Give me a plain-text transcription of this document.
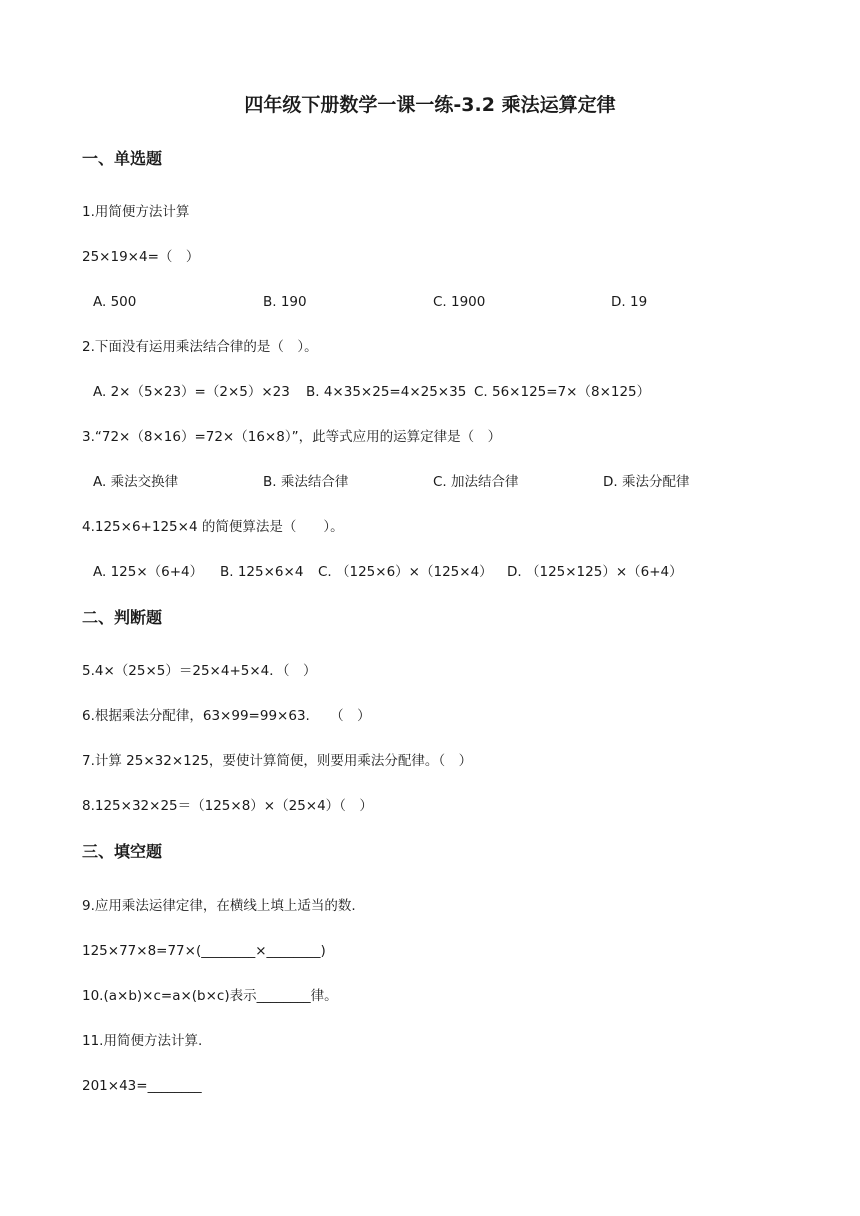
四年级下册数学一课一练-3.2 乘法运算定律
一、单选题
1.用简便方法计算
25×19×4=（　）
A. 500	B. 190	C. 1900	D. 19
2.下面没有运用乘法结合律的是（　）。
A. 2×（5×23）=（2×5）×23 B. 4×35×25=4×25×35 C. 56×125=7×（8×125）
3.“72×（8×16）=72×（16×8）”，此等式应用的运算定律是（　）
A. 乘法交换律	B. 乘法结合律	C. 加法结合律	D. 乘法分配律
4.125×6+125×4 的简便算法是（　　）。
A. 125×（6+4） B. 125×6×4 C. （125×6）×（125×4） D. （125×125）×（6+4）
二、判断题
5.4×（25×5）＝25×4+5×4．（　）
6.根据乘法分配律，63×99=99×63.　　（　）
7.计算 25×32×125，要使计算简便，则要用乘法分配律。（　）
8.125×32×25＝（125×8）×（25×4）（　）
三、填空题
9.应用乘法运律定律，在横线上填上适当的数.
125×77×8=77×(________×________)
10.(a×b)×c=a×(b×c)表示________律。
11.用简便方法计算.
201×43=________
